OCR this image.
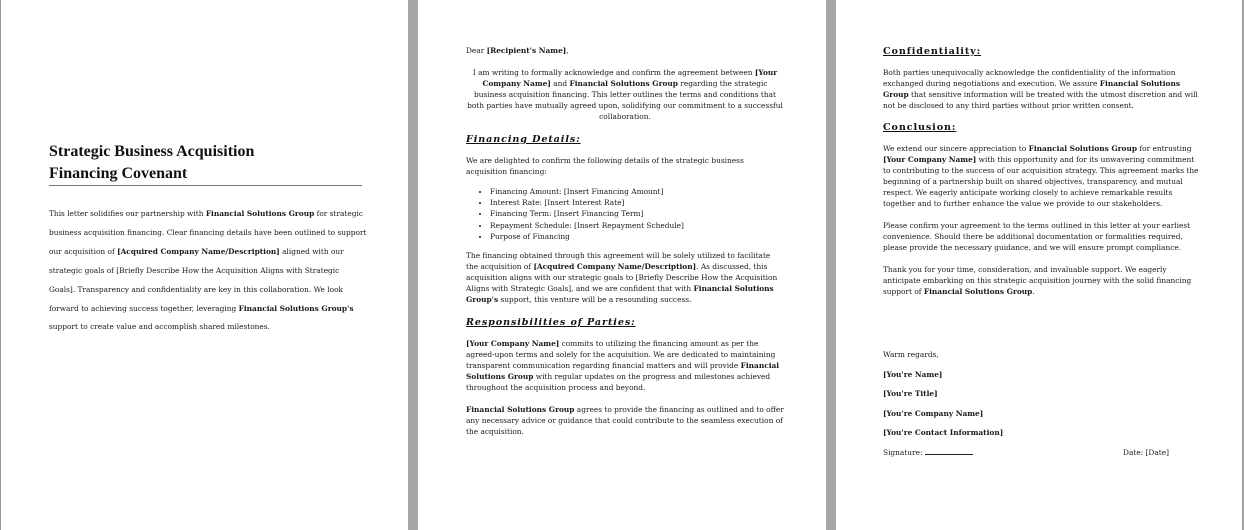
Strategic Business Acquisition
Financing Covenant
This letter solidifies our partnership with Financial Solutions Group for strategic business acquisition financing. Clear financing details have been outlined to support our acquisition of [Acquired Company Name/Description] aligned with our strategic goals of [Briefly Describe How the Acquisition Aligns with Strategic Goals]. Transparency and confidentiality are key in this collaboration. We look forward to achieving success together, leveraging Financial Solutions Group's support to create value and accomplish shared milestones.

Dear [Recipient's Name],

I am writing to formally acknowledge and confirm the agreement between [Your Company Name] and Financial Solutions Group regarding the strategic business acquisition financing. This letter outlines the terms and conditions that both parties have mutually agreed upon, solidifying our commitment to a successful collaboration.

Financing Details:

We are delighted to confirm the following details of the strategic business acquisition financing:

• Financing Amount: [Insert Financing Amount]
• Interest Rate: [Insert Interest Rate]
• Financing Term: [Insert Financing Term]
• Repayment Schedule: [Insert Repayment Schedule]
• Purpose of Financing

The financing obtained through this agreement will be solely utilized to facilitate the acquisition of [Acquired Company Name/Description]. As discussed, this acquisition aligns with our strategic goals to [Briefly Describe How the Acquisition Aligns with Strategic Goals], and we are confident that with Financial Solutions Group's support, this venture will be a resounding success.

Responsibilities of Parties:

[Your Company Name] commits to utilizing the financing amount as per the agreed-upon terms and solely for the acquisition. We are dedicated to maintaining transparent communication regarding financial matters and will provide Financial Solutions Group with regular updates on the progress and milestones achieved throughout the acquisition process and beyond.

Financial Solutions Group agrees to provide the financing as outlined and to offer any necessary advice or guidance that could contribute to the seamless execution of the acquisition.

Confidentiality:

Both parties unequivocally acknowledge the confidentiality of the information exchanged during negotiations and execution. We assure Financial Solutions Group that sensitive information will be treated with the utmost discretion and will not be disclosed to any third parties without prior written consent.

Conclusion:

We extend our sincere appreciation to Financial Solutions Group for entrusting [Your Company Name] with this opportunity and for its unwavering commitment to contributing to the success of our acquisition strategy. This agreement marks the beginning of a partnership built on shared objectives, transparency, and mutual respect. We eagerly anticipate working closely to achieve remarkable results together and to further enhance the value we provide to our stakeholders.

Please confirm your agreement to the terms outlined in this letter at your earliest convenience. Should there be additional documentation or formalities required, please provide the necessary guidance, and we will ensure prompt compliance.

Thank you for your time, consideration, and invaluable support. We eagerly anticipate embarking on this strategic acquisition journey with the solid financing support of Financial Solutions Group.

Warm regards,

[You're Name]

[You're Title]

[You're Company Name]

[You're Contact Information]

Signature:	Date: [Date]
